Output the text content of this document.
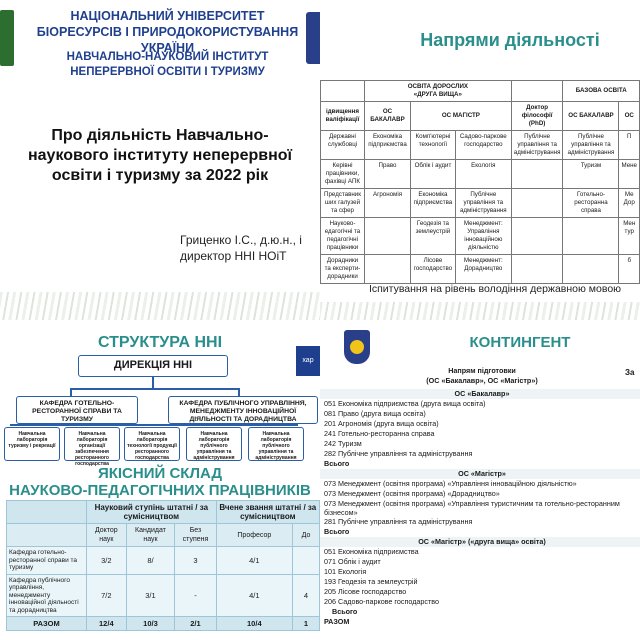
НАЦІОНАЛЬНИЙ УНІВЕРСИТЕТ БІОРЕСУРСІВ І ПРИРОДОКОРИСТУВАННЯ УКРАЇНИ
НАВЧАЛЬНО-НАУКОВИЙ ІНСТИТУТ НЕПЕРЕРВНОЇ ОСВІТИ І ТУРИЗМУ
Про діяльність Навчально-наукового інституту неперервної освіти і туризму за 2022 рік
Гриценко І.С., д.ю.н., і
директор ННІ НОіТ
Напрями діяльності

	ОСВІТА ДОРОСЛИХ
«ДРУГА ВИЩА»				БАЗОВА ОСВІТА	
ідвищення валіфікації	ОС БАКАЛАВР	ОС МАГІСТР		Доктор філософії (PhD)	ОС БАКАЛАВР	ОС
Державні службовці	Економіка підприємства	Комп'ютерні технології	Садово-паркове господарство	Публічне управління та адміністрування	Публічне управління та адміністрування	П
Керівні працівники, фахівці АПК	Право	Облік і аудит	Екологія		Туризм	Мене
Представник ших галузей та сфер	Агрономія	Економіка підприємства	Публічне управління та адміністрування		Готельно-ресторанна справа	Ме Дор
Науково-едагогічні та педагогічні працівники		Геодезія та землеустрій	Менеджмент: Управління інноваційною діяльністю			Мен тур
Дорадники та експерти-дорадники		Лісове господарство	Менеджмент: Дорадництво			б
Іспитування на рівень володіння державною мовою
СТРУКТУРА ННІ
хар
ДИРЕКЦІЯ ННІ
КАФЕДРА ГОТЕЛЬНО-РЕСТОРАННОЇ СПРАВИ ТА ТУРИЗМУ
КАФЕДРА ПУБЛІЧНОГО УПРАВЛІННЯ, МЕНЕДЖМЕНТУ ІННОВАЦІЙНОЇ ДІЯЛЬНОСТІ ТА ДОРАДНИЦТВА
Навчальна лабораторія туризму і рекреації
Навчальна лабораторія організації забезпечення ресторанного господарства
Навчальна лабораторія технології продукції ресторанного господарства
Навчальна лабораторія публічного управління та адміністрування
Навчальна лабораторія публічного управління та адміністрування
ЯКІСНИЙ СКЛАД
НАУКОВО-ПЕДАГОГІЧНИХ ПРАЦІВНИКІВ
	Науковий ступінь штатні / за сумісництвом			Вчене звання штатні / за сумісництвом	
	Доктор наук	Кандидат наук	Без ступеня	Професор	До
Кафедра готельно-ресторанної справи та туризму	3/2	8/	3	4/1	
Кафедра публічного управління, менеджменту інноваційної діяльності та дорадництва	7/2	3/1	-	4/1	4
РАЗОМ	12/4	10/3	2/1	10/4	1
КОНТИНГЕНТ
За
Напрям підготовки
(ОС «Бакалавр», ОС «Магістр»)
ОС «Бакалавр»
051 Економіка підприємства (друга вища освіта)
081 Право (друга вища освіта)
201 Агрономія (друга вища освіта)
241 Готельно-ресторанна справа
242 Туризм
282 Публічне управління та адміністрування
Всього
ОС «Магістр»
073 Менеджмент (освітня програма) «Управління інноваційною діяльністю»
073 Менеджмент (освітня програма) «Дорадництво»
073 Менеджмент (освітня програма) «Управління туристичним та готельно-ресторанним бізнесом»
281 Публічне управління та адміністрування
Всього
ОС «Магістр» («друга вища» освіта)
051 Економіка підприємства
071 Облік і аудит
101 Екологія
193 Геодезія та землеустрій
205 Лісове господарство
206 Садово-паркове господарство
Всього
РАЗОМ
